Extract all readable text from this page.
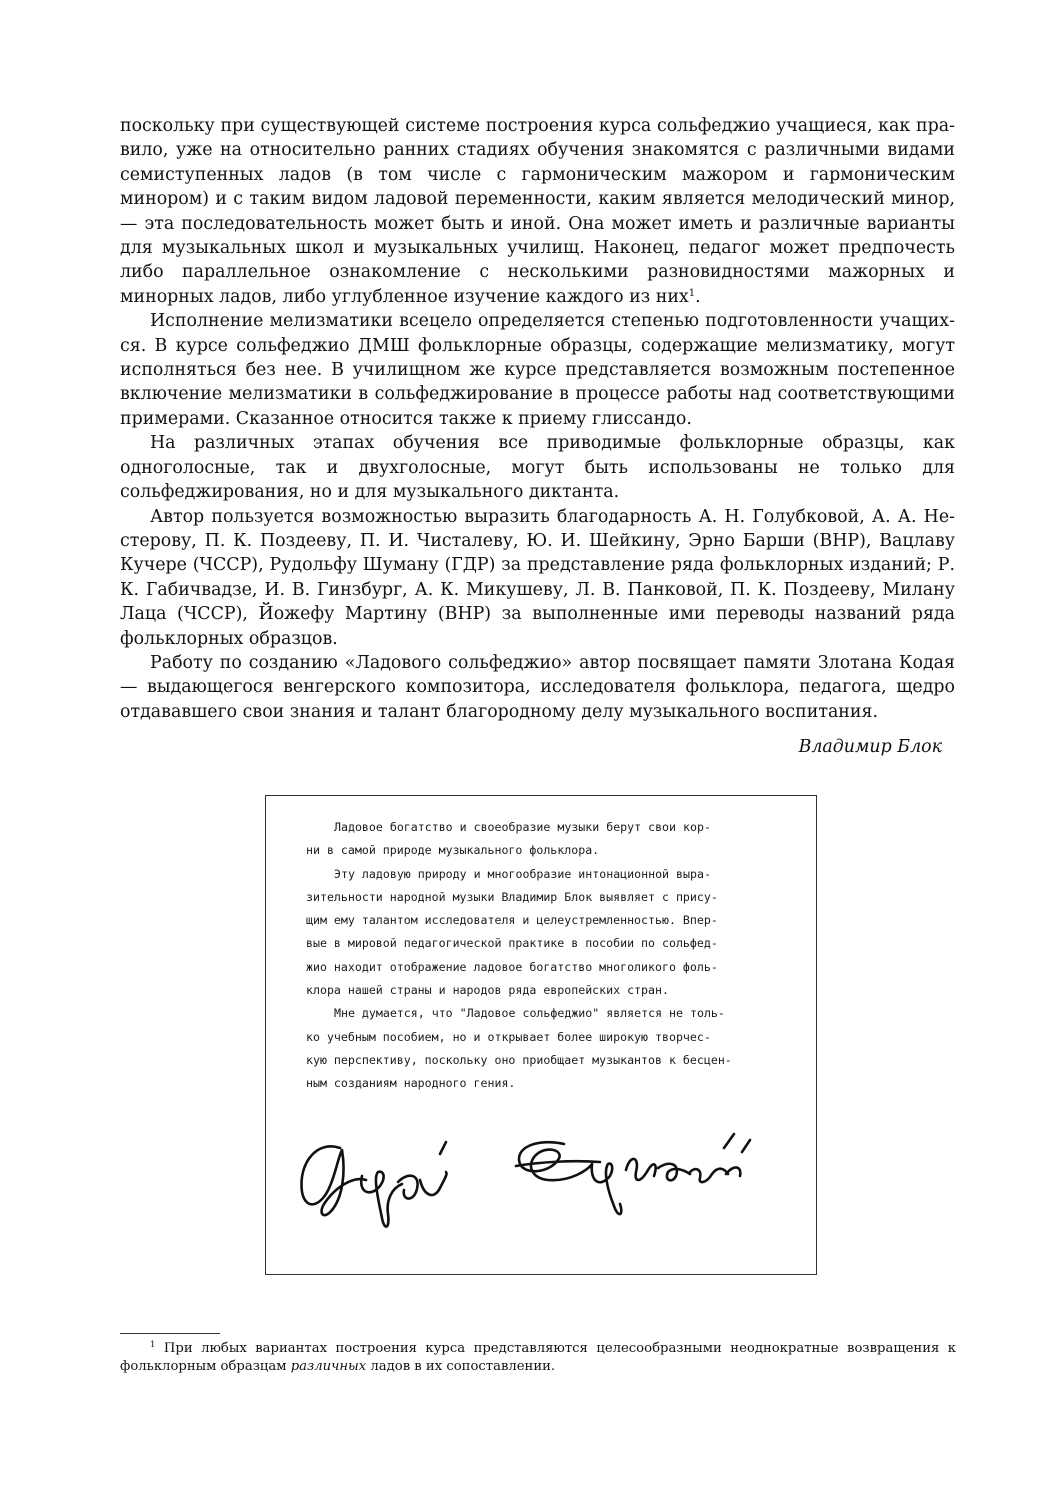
поскольку при существующей системе построения курса сольфеджио учащиеся, как правило, уже на относительно ранних стадиях обучения знакомятся с различными видами семиступенных ладов (в том числе с гармоническим мажором и гармоническим минором) и с таким видом ладовой переменности, каким является мелодический минор, — эта последовательность может быть и иной. Она может иметь и различные варианты для музыкальных школ и музыкальных училищ. Наконец, педагог может предпочесть либо параллельное ознакомление с несколькими разновидностями мажорных и минорных ладов, либо углубленное изучение каждого из них$^1$.

Исполнение мелизматики всецело определяется степенью подготовленности учащихся. В курсе сольфеджио ДМШ фольклорные образцы, содержащие мелизматику, могут исполняться без нее. В училищном же курсе представляется возможным постепенное включение мелизматики в сольфеджирование в процессе работы над соответствующими примерами. Сказанное относится также к приему глиссандо.

На различных этапах обучения все приводимые фольклорные образцы, как одноголосные, так и двухголосные, могут быть использованы не только для сольфеджирования, но и для музыкального диктанта.

Автор пользуется возможностью выразить благодарность А. Н. Голубковой, А. А. Нестерову, П. К. Поздееву, П. И. Чисталеву, Ю. И. Шейкину, Эрно Барши (ВНР), Вацлаву Кучере (ЧССР), Рудольфу Шуману (ГДР) за представление ряда фольклорных изданий; Р. К. Габичвадзе, И. В. Гинзбург, А. К. Микушеву, Л. В. Панковой, П. К. Поздееву, Милану Лаца (ЧССР), Йожефу Мартину (ВНР) за выполненные ими переводы названий ряда фольклорных образцов.

Работу по созданию «Ладового сольфеджио» автор посвящает памяти Злотана Кодая — выдающегося венгерского композитора, исследователя фольклора, педагога, щедро отдававшего свои знания и талант благородному делу музыкального воспитания.

Владимир Блок
Ладовое богатство и своеобразие музыки берут свои кор-
ни в самой природе музыкального фольклора.
Эту ладовую природу и многообразие интонационной выра-
зительности народной музыки Владимир Блок выявляет с прису-
щим ему талантом исследователя и целеустремленностью. Впер-
вые в мировой педагогической практике в пособии по сольфед-
жио находит отображение ладовое богатство многоликого фоль-
клора нашей страны и народов ряда европейских стран.
Мне думается, что "Ладовое сольфеджио" является не толь-
ко учебным пособием, но и открывает более широкую творчес-
кую перспективу, поскольку оно приобщает музыкантов к бесцен-
ным созданиям народного гения.
$^1$ При любых вариантах построения курса представляются целесообразными неоднократные возвращения к фольклорным образцам различных ладов в их сопоставлении.
